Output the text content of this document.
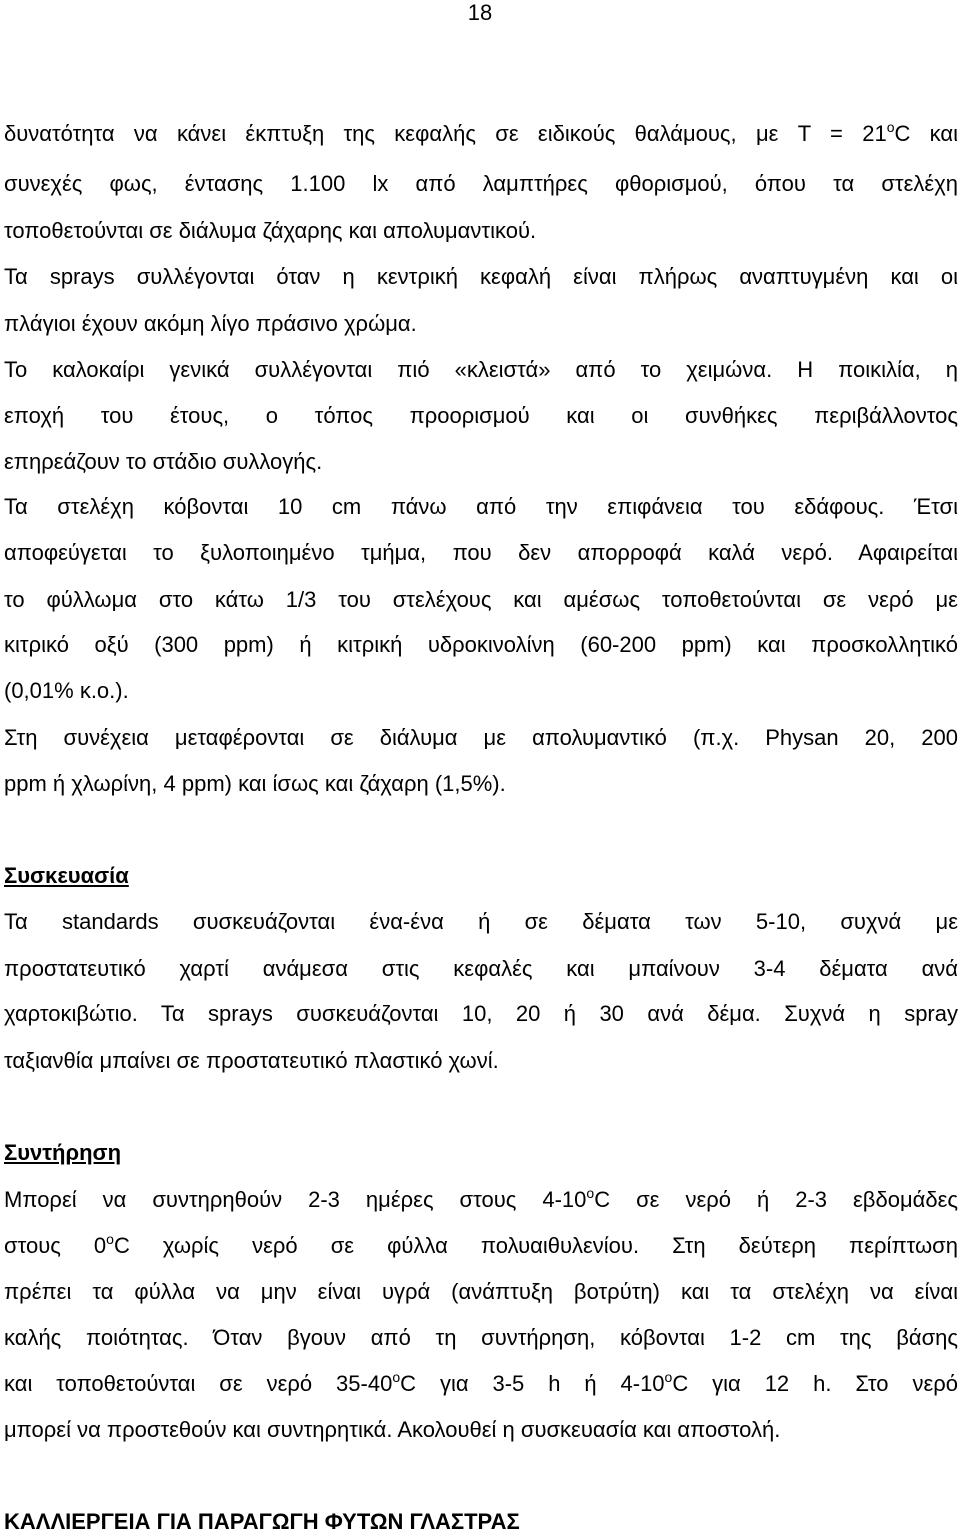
18
δυνατότητα να κάνει έκπτυξη της κεφαλής σε ειδικούς θαλάμους, με $T = 21^oC$ και
συνεχές φως, έντασης 1.100 lx από λαμπτήρες φθορισμού, όπου τα στελέχη
τοποθετούνται σε διάλυμα ζάχαρης και απολυμαντικού.
Τα sprays συλλέγονται όταν η κεντρική κεφαλή είναι πλήρως αναπτυγμένη και οι
πλάγιοι έχουν ακόμη λίγο πράσινο χρώμα.
Το καλοκαίρι γενικά συλλέγονται πιό «κλειστά» από το χειμώνα. Η ποικιλία, η
εποχή του έτους, ο τόπος προορισμού και οι συνθήκες περιβάλλοντος
επηρεάζουν το στάδιο συλλογής.
Τα στελέχη κόβονται 10 cm πάνω από την επιφάνεια του εδάφους. Έτσι
αποφεύγεται το ξυλοποιημένο τμήμα, που δεν απορροφά καλά νερό. Αφαιρείται
το φύλλωμα στο κάτω 1/3 του στελέχους και αμέσως τοποθετούνται σε νερό με
κιτρικό οξύ (300 ppm) ή κιτρική υδροκινολίνη (60-200 ppm) και προσκολλητικό
(0,01% κ.ο.).
Στη συνέχεια μεταφέρονται σε διάλυμα με απολυμαντικό (π.χ. Physan 20, 200
ppm ή χλωρίνη, 4 ppm) και ίσως και ζάχαρη (1,5%).
Συσκευασία
Τα standards συσκευάζονται ένα-ένα ή σε δέματα των 5-10, συχνά με
προστατευτικό χαρτί ανάμεσα στις κεφαλές και μπαίνουν 3-4 δέματα ανά
χαρτοκιβώτιο. Τα sprays συσκευάζονται 10, 20 ή 30 ανά δέμα. Συχνά η spray
ταξιανθία μπαίνει σε προστατευτικό πλαστικό χωνί.
Συντήρηση
Μπορεί να συντηρηθούν 2-3 ημέρες στους $4-10^oC$ σε νερό ή 2-3 εβδομάδες
στους $0^oC$ χωρίς νερό σε φύλλα πολυαιθυλενίου. Στη δεύτερη περίπτωση
πρέπει τα φύλλα να μην είναι υγρά (ανάπτυξη βοτρύτη) και τα στελέχη να είναι
καλής ποιότητας. Όταν βγουν από τη συντήρηση, κόβονται 1-2 cm της βάσης
και τοποθετούνται σε νερό $35-40^oC$ για 3-5 h ή $4-10^oC$ για 12 h. Στο νερό
μπορεί να προστεθούν και συντηρητικά. Ακολουθεί η συσκευασία και αποστολή.
ΚΑΛΛΙΕΡΓΕΙΑ ΓΙΑ ΠΑΡΑΓΩΓΗ ΦΥΤΩΝ ΓΛΑΣΤΡΑΣ
